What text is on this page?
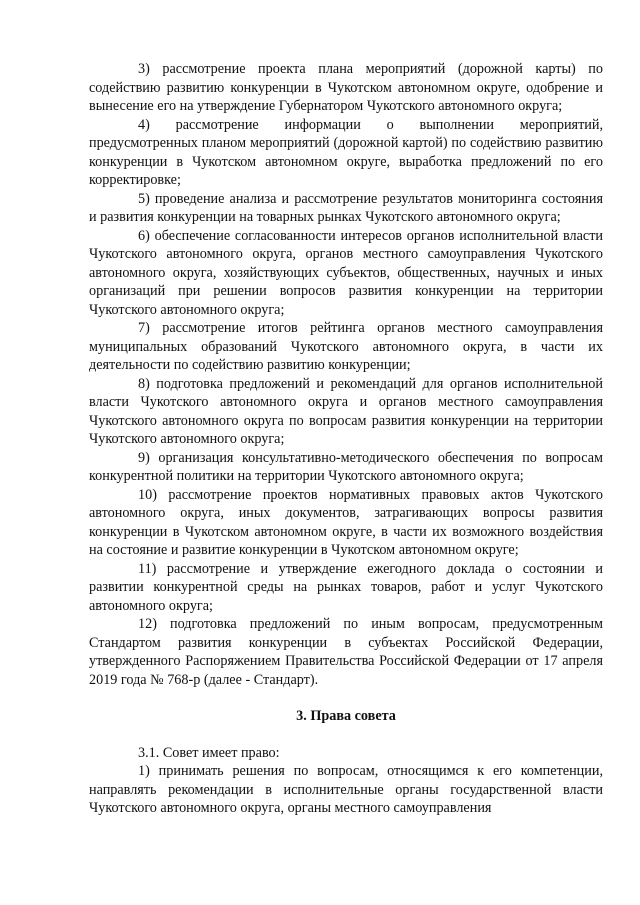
3) рассмотрение проекта плана мероприятий (дорожной карты) по содействию развитию конкуренции в Чукотском автономном округе, одобрение и вынесение его на утверждение Губернатором Чукотского автономного округа;

4) рассмотрение информации о выполнении мероприятий, предусмотренных планом мероприятий (дорожной картой) по содействию развитию конкуренции в Чукотском автономном округе, выработка предложений по его корректировке;

5) проведение анализа и рассмотрение результатов мониторинга состояния и развития конкуренции на товарных рынках Чукотского автономного округа;

6) обеспечение согласованности интересов органов исполнительной власти Чукотского автономного округа, органов местного самоуправления Чукотского автономного округа, хозяйствующих субъектов, общественных, научных и иных организаций при решении вопросов развития конкуренции на территории Чукотского автономного округа;

7) рассмотрение итогов рейтинга органов местного самоуправления муниципальных образований Чукотского автономного округа, в части их деятельности по содействию развитию конкуренции;

8) подготовка предложений и рекомендаций для органов исполнительной власти Чукотского автономного округа и органов местного самоуправления Чукотского автономного округа по вопросам развития конкуренции на территории Чукотского автономного округа;

9) организация консультативно-методического обеспечения по вопросам конкурентной политики на территории Чукотского автономного округа;

10) рассмотрение проектов нормативных правовых актов Чукотского автономного округа, иных документов, затрагивающих вопросы развития конкуренции в Чукотском автономном округе, в части их возможного воздействия на состояние и развитие конкуренции в Чукотском автономном округе;

11) рассмотрение и утверждение ежегодного доклада о состоянии и развитии конкурентной среды на рынках товаров, работ и услуг Чукотского автономного округа;

12) подготовка предложений по иным вопросам, предусмотренным Стандартом развития конкуренции в субъектах Российской Федерации, утвержденного Распоряжением Правительства Российской Федерации от 17 апреля 2019 года № 768-р (далее - Стандарт).

3. Права совета

3.1. Совет имеет право:

1) принимать решения по вопросам, относящимся к его компетенции, направлять рекомендации в исполнительные органы государственной власти Чукотского автономного округа, органы местного самоуправления
